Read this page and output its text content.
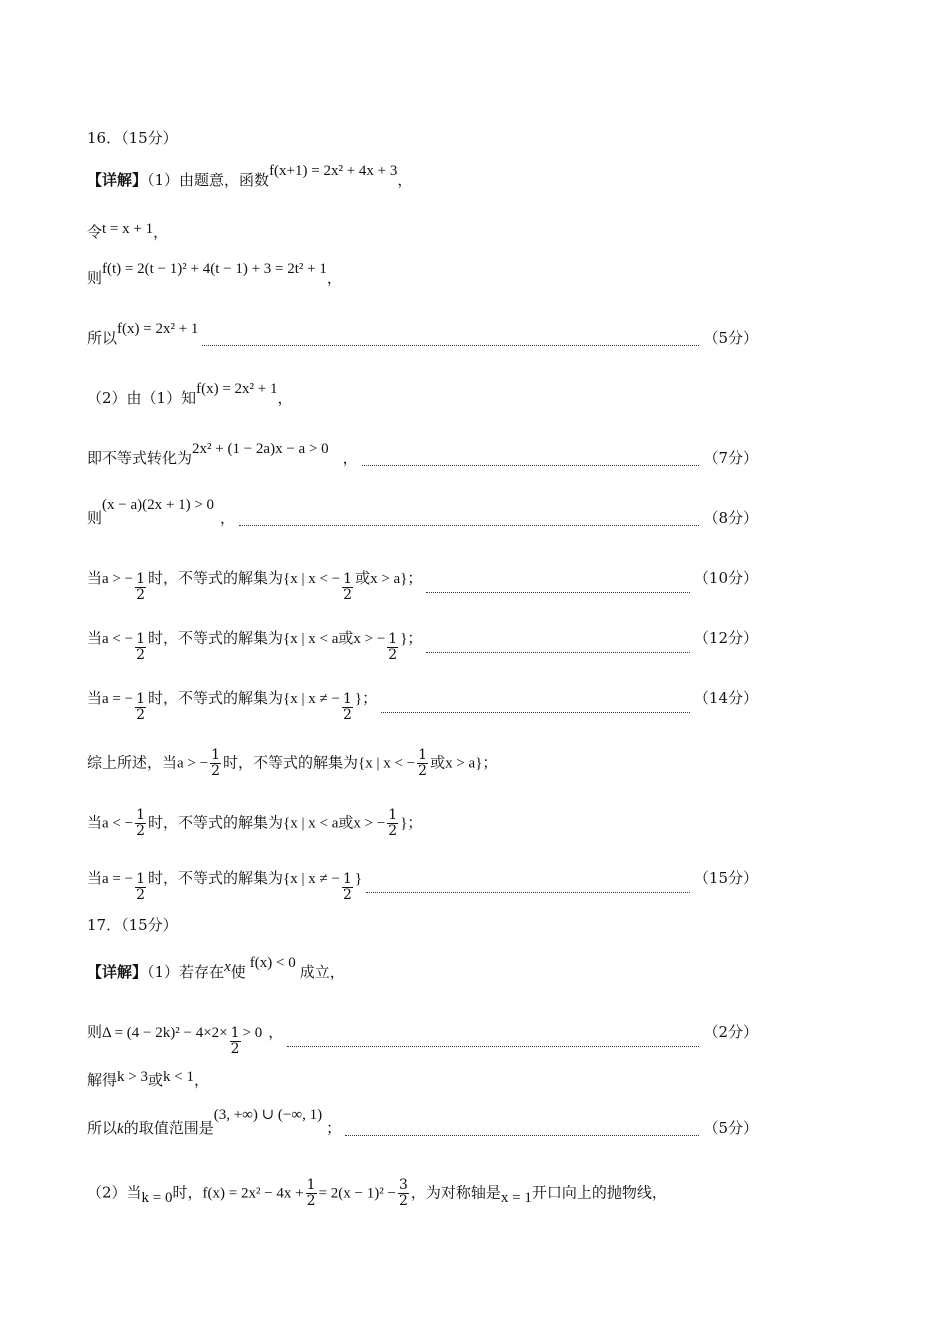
16．（15分）
【详解】（1）由题意，函数f(x+1) = 2x² + 4x + 3，
令t = x + 1，
则f(t) = 2(t − 1)² + 4(t − 1) + 3 = 2t² + 1，
所以 f(x) = 2x² + 1	（5分）
（2）由（1）知f(x) = 2x² + 1，
即不等式转化为 2x² + (1 − 2a)x − a > 0 ，	（7分）
则
(x − a)(2x + 1) > 0
，	（8分）
当 a > − $\frac{1}{2}$ 时，不等式的解集为 {x | x < − $\frac{1}{2}$ 或 x > a} ；	（10分）
当 a < − $\frac{1}{2}$ 时，不等式的解集为 {x | x < a 或 x > − $\frac{1}{2}$ } ；	（12分）
当 a = − $\frac{1}{2}$ 时，不等式的解集为 {x | x ≠ − $\frac{1}{2}$ } ；	（14分）
综上所述，当a > − $\frac{1}{2}$ 时，不等式的解集为{x | x < − $\frac{1}{2}$ 或x > a}；
当a < − $\frac{1}{2}$ 时，不等式的解集为{x | x < a或x > − $\frac{1}{2}$ }；
当 a = − $\frac{1}{2}$ 时，不等式的解集为 {x | x ≠ − $\frac{1}{2}$ }	（15分）
17．（15分）
【详解】（1）若存在x使 f(x) < 0 成立，
则 $\Delta = (4 - 2k)^2 - 4\times 2\times \frac{1}{2} > 0$ ，	（2分）
解得k > 3或k < 1，
所以 k 的取值范围是
(3, +∞) ∪ (−∞, 1)
；	（5分）
（2）当k = 0时，$f(x) = 2x^2 - 4x + \frac{1}{2} = 2(x - 1)^2 - \frac{3}{2}$ ，为对称轴是x = 1开口向上的抛物线，
